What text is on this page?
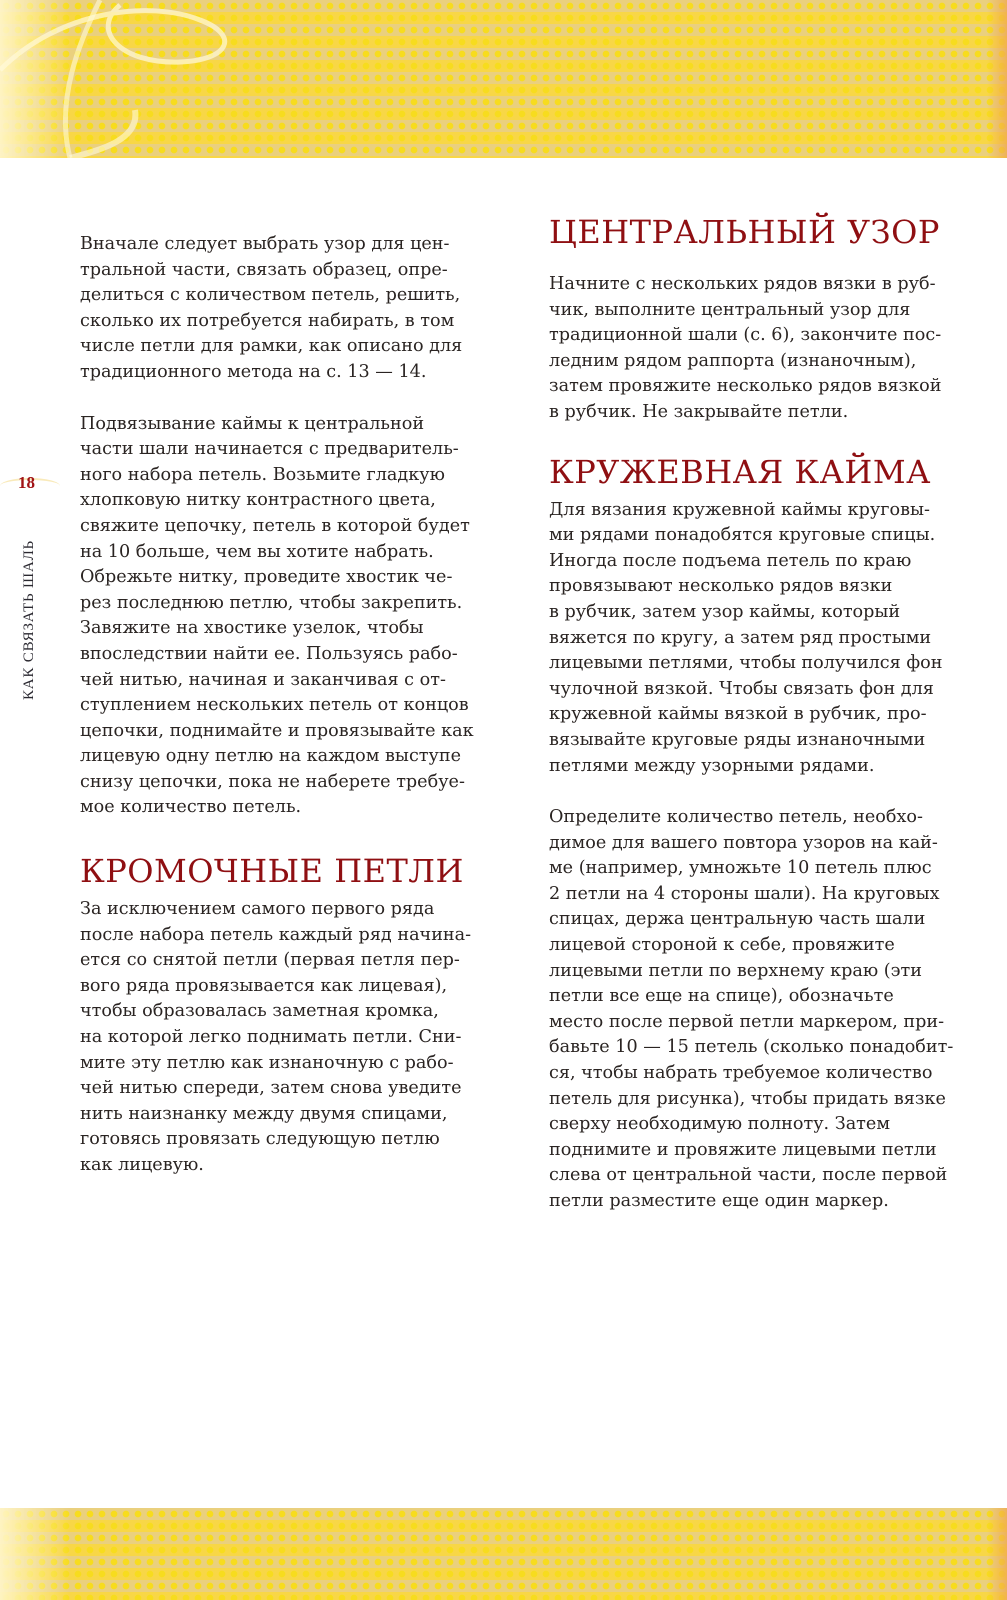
18
КАК СВЯЗАТЬ ШАЛЬ

Вначале следует выбрать узор для цен-
тральной части, связать образец, опре-
делиться с количеством петель, решить,
сколько их потребуется набирать, в том
числе петли для рамки, как описано для
традиционного метода на с. 13 — 14.

Подвязывание каймы к центральной
части шали начинается с предваритель-
ного набора петель. Возьмите гладкую
хлопковую нитку контрастного цвета,
свяжите цепочку, петель в которой будет
на 10 больше, чем вы хотите набрать.
Обрежьте нитку, проведите хвостик че-
рез последнюю петлю, чтобы закрепить.
Завяжите на хвостике узелок, чтобы
впоследствии найти ее. Пользуясь рабо-
чей нитью, начиная и заканчивая с от-
ступлением нескольких петель от концов
цепочки, поднимайте и провязывайте как
лицевую одну петлю на каждом выступе
снизу цепочки, пока не наберете требуе-
мое количество петель.

КРОМОЧНЫЕ ПЕТЛИ

За исключением самого первого ряда
после набора петель каждый ряд начина-
ется со снятой петли (первая петля пер-
вого ряда провязывается как лицевая),
чтобы образовалась заметная кромка,
на которой легко поднимать петли. Сни-
мите эту петлю как изнаночную с рабо-
чей нитью спереди, затем снова уведите
нить наизнанку между двумя спицами,
готовясь провязать следующую петлю
как лицевую.

ЦЕНТРАЛЬНЫЙ УЗОР

Начните с нескольких рядов вязки в руб-
чик, выполните центральный узор для
традиционной шали (с. 6), закончите пос-
ледним рядом раппорта (изнаночным),
затем провяжите несколько рядов вязкой
в рубчик. Не закрывайте петли.

КРУЖЕВНАЯ КАЙМА

Для вязания кружевной каймы круговы-
ми рядами понадобятся круговые спицы.
Иногда после подъема петель по краю
провязывают несколько рядов вязки
в рубчик, затем узор каймы, который
вяжется по кругу, а затем ряд простыми
лицевыми петлями, чтобы получился фон
чулочной вязкой. Чтобы связать фон для
кружевной каймы вязкой в рубчик, про-
вязывайте круговые ряды изнаночными
петлями между узорными рядами.

Определите количество петель, необхо-
димое для вашего повтора узоров на кай-
ме (например, умножьте 10 петель плюс
2 петли на 4 стороны шали). На круговых
спицах, держа центральную часть шали
лицевой стороной к себе, провяжите
лицевыми петли по верхнему краю (эти
петли все еще на спице), обозначьте
место после первой петли маркером, при-
бавьте 10 — 15 петель (сколько понадобит-
ся, чтобы набрать требуемое количество
петель для рисунка), чтобы придать вязке
сверху необходимую полноту. Затем
поднимите и провяжите лицевыми петли
слева от центральной части, после первой
петли разместите еще один маркер.
